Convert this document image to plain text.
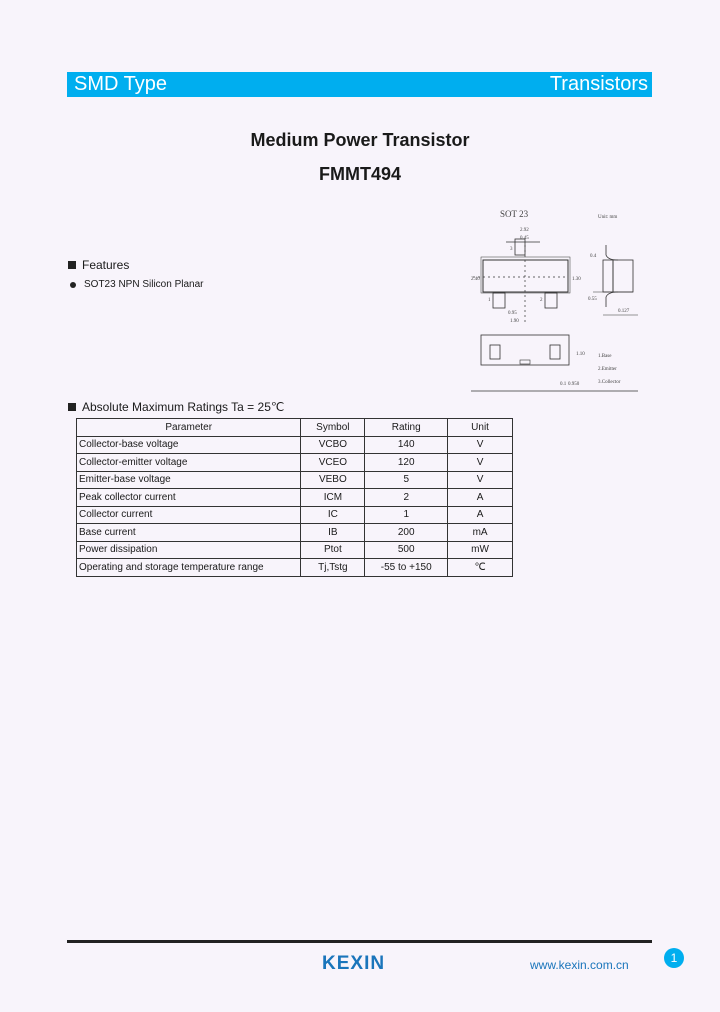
SMD Type	Transistors
Medium Power Transistor
FMMT494
Features
SOT23 NPN Silicon Planar
SOT 23	Unit: mm
2.92
0.45
1	2
3
2.40	1.30
0.95
1.90
0.4
0.55
0.127
1.10
0.1 0.950
1.Base
2.Emitter
3.Collector
Absolute Maximum Ratings Ta = 25℃
Parameter	Symbol	Rating	Unit
Collector-base voltage	VCBO	140	V
Collector-emitter voltage	VCEO	120	V
Emitter-base voltage	VEBO	5	V
Peak collector current	ICM	2	A
Collector current	IC	1	A
Base current	IB	200	mA
Power dissipation	Ptot	500	mW
Operating and storage temperature range	Tj,Tstg	-55 to +150	℃
KEXIN	www.kexin.com.cn	1
